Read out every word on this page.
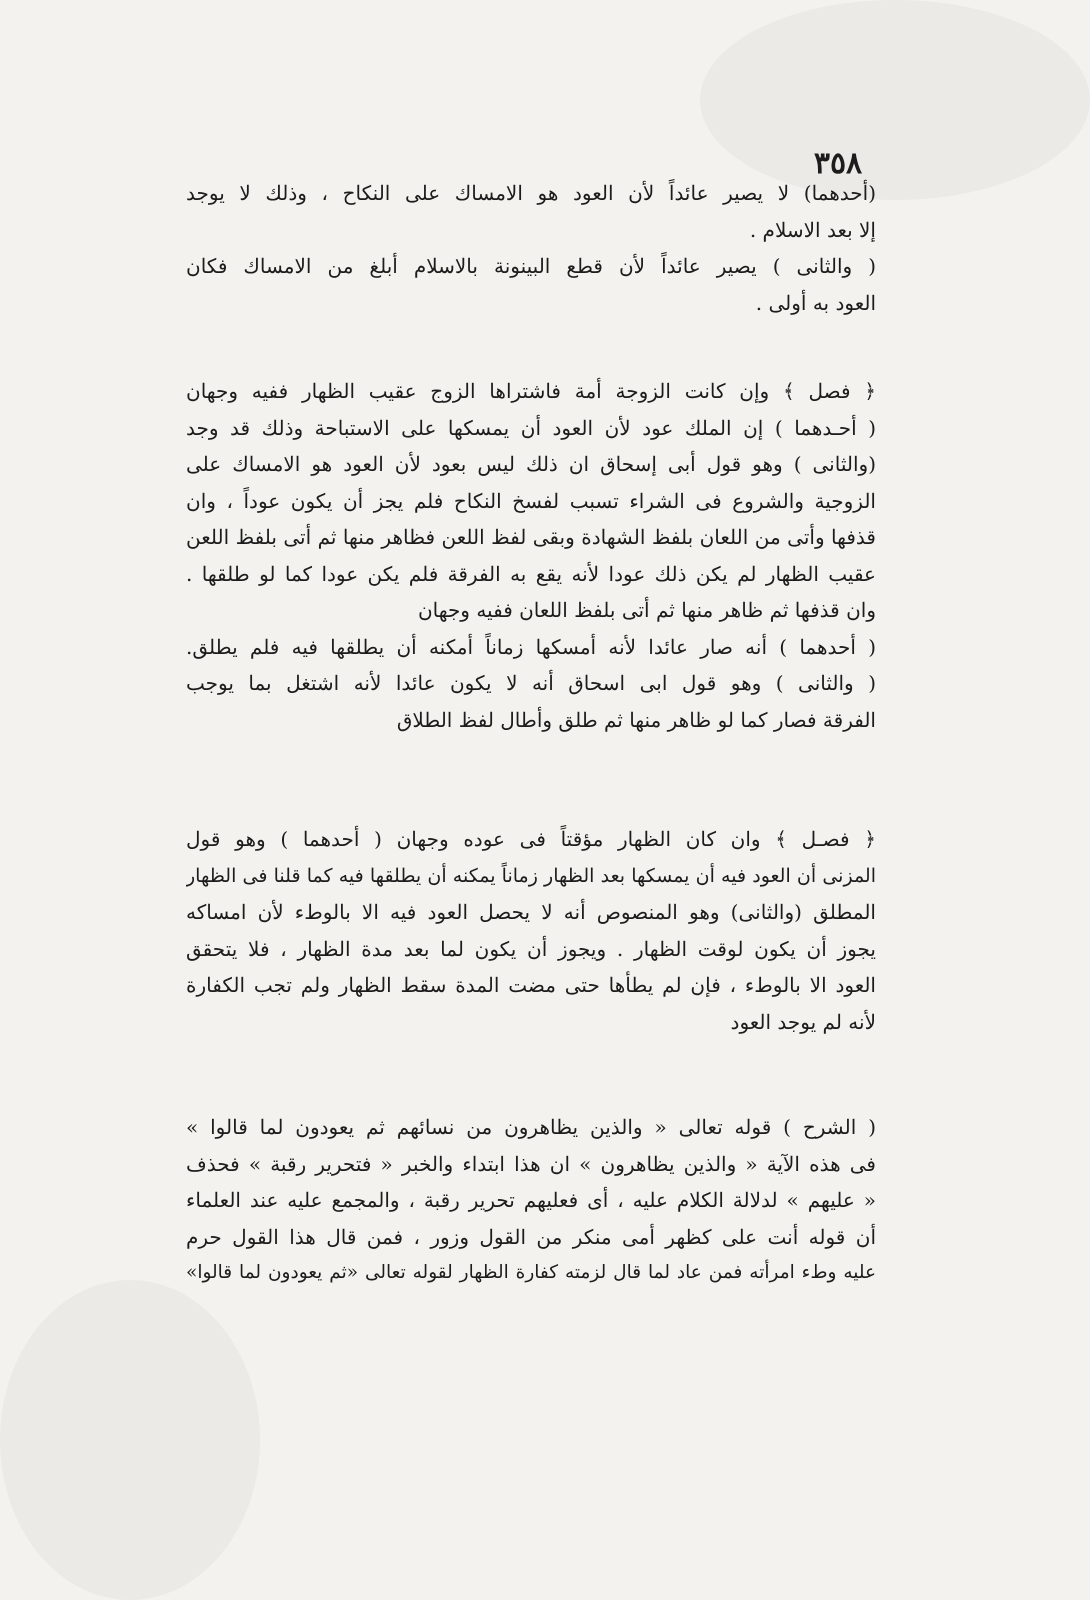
٣٥٨
(أحدهما) لا يصير عائداً لأن العود هو الامساك على النكاح ، وذلك لا يوجد
إلا بعد الاسلام .
( والثانى ) يصير عائداً لأن قطع البينونة بالاسلام أبلغ من الامساك فكان
العود به أولى .
﴿ فصل ﴾ وإن كانت الزوجة أمة فاشتراها الزوج عقيب الظهار ففيه وجهان
( أحـدهما ) إن الملك عود لأن العود أن يمسكها على الاستباحة وذلك قد وجد
(والثانى ) وهو قول أبى إسحاق ان ذلك ليس بعود لأن العود هو الامساك على
الزوجية والشروع فى الشراء تسبب لفسخ النكاح فلم يجز أن يكون عوداً ، وان
قذفها وأتى من اللعان بلفظ الشهادة وبقى لفظ اللعن فظاهر منها ثم أتى بلفظ اللعن
عقيب الظهار لم يكن ذلك عودا لأنه يقع به الفرقة فلم يكن عودا كما لو طلقها .
وان قذفها ثم ظاهر منها ثم أتى بلفظ اللعان ففيه وجهان
( أحدهما ) أنه صار عائدا لأنه أمسكها زماناً أمكنه أن يطلقها فيه فلم يطلق.
( والثانى ) وهو قول ابى اسحاق أنه لا يكون عائدا لأنه اشتغل بما يوجب
الفرقة فصار كما لو ظاهر منها ثم طلق وأطال لفظ الطلاق
﴿ فصـل ﴾ وان كان الظهار مؤقتاً فى عوده وجهان ( أحدهما ) وهو قول
المزنى أن العود فيه أن يمسكها بعد الظهار زماناً يمكنه أن يطلقها فيه كما قلنا فى الظهار
المطلق (والثانى) وهو المنصوص أنه لا يحصل العود فيه الا بالوطء لأن امساكه
يجوز أن يكون لوقت الظهار . ويجوز أن يكون لما بعد مدة الظهار ، فلا يتحقق
العود الا بالوطء ، فإن لم يطأها حتى مضت المدة سقط الظهار ولم تجب الكفارة
لأنه لم يوجد العود
( الشرح ) قوله تعالى « والذين يظاهرون من نسائهم ثم يعودون لما قالوا »
فى هذه الآية « والذين يظاهرون » ان هذا ابتداء والخبر « فتحرير رقبة » فحذف
« عليهم » لدلالة الكلام عليه ، أى فعليهم تحرير رقبة ، والمجمع عليه عند العلماء
أن قوله أنت على كظهر أمى منكر من القول وزور ، فمن قال هذا القول حرم
عليه وطء امرأته فمن عاد لما قال لزمته كفارة الظهار لقوله تعالى «ثم يعودون لما قالوا»
